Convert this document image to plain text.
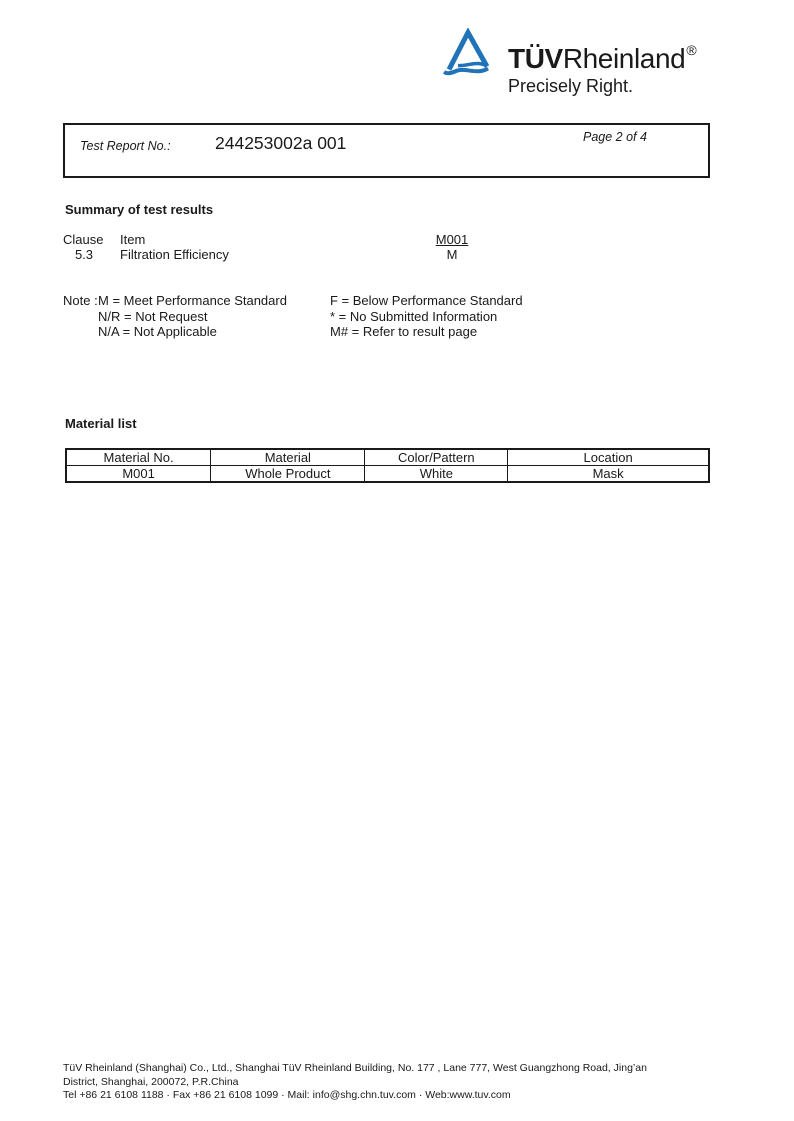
TÜVRheinland®
Precisely Right.
Test Report No.:	244253002a 001	Page 2 of 4
Summary of test results
Clause Item	M001
5.3	Filtration Efficiency	M
Note : M = Meet Performance Standard
N/R = Not Request
N/A = Not Applicable
F = Below Performance Standard
* = No Submitted Information
M# = Refer to result page
Material list
Material No.	Material	Color/Pattern	Location
M001	Whole Product	White	Mask
TüV Rheinland (Shanghai) Co., Ltd., Shanghai TüV Rheinland Building, No. 177 , Lane 777, West Guangzhong Road, Jing’an
District, Shanghai, 200072, P.R.China
Tel +86 21 6108 1188 · Fax +86 21 6108 1099 · Mail: info@shg.chn.tuv.com · Web:www.tuv.com
